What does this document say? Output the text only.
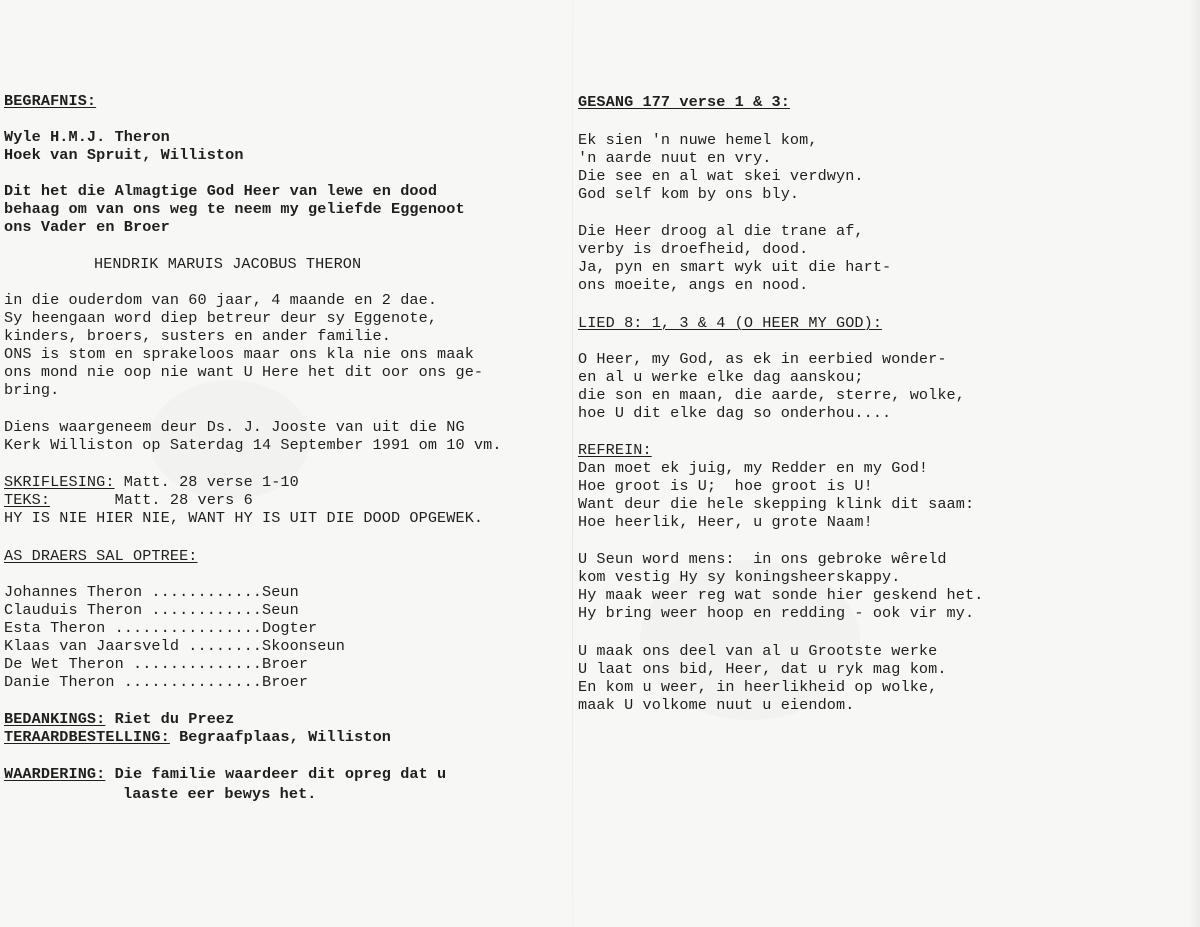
BEGRAFNIS:
Wyle H.M.J. Theron
Hoek van Spruit, Williston
Dit het die Almagtige God Heer van lewe en dood
behaag om van ons weg te neem my geliefde Eggenoot
ons Vader en Broer
HENDRIK MARUIS JACOBUS THERON
in die ouderdom van 60 jaar, 4 maande en 2 dae.
Sy heengaan word diep betreur deur sy Eggenote,
kinders, broers, susters en ander familie.
ONS is stom en sprakeloos maar ons kla nie ons maak
ons mond nie oop nie want U Here het dit oor ons ge-
bring.
Diens waargeneem deur Ds. J. Jooste van uit die NG
Kerk Williston op Saterdag 14 September 1991 om 10 vm.
SKRIFLESING: Matt. 28 verse 1-10
TEKS:       Matt. 28 vers 6
HY IS NIE HIER NIE, WANT HY IS UIT DIE DOOD OPGEWEK.
AS DRAERS SAL OPTREE:
Johannes Theron ............Seun
Clauduis Theron ............Seun
Esta Theron ................Dogter
Klaas van Jaarsveld ........Skoonseun
De Wet Theron ..............Broer
Danie Theron ...............Broer
BEDANKINGS: Riet du Preez
TERAARDBESTELLING: Begraafplaas, Williston
WAARDERING: Die familie waardeer dit opreg dat u
laaste eer bewys het.
GESANG 177 verse 1 & 3:
Ek sien 'n nuwe hemel kom,
'n aarde nuut en vry.
Die see en al wat skei verdwyn.
God self kom by ons bly.
Die Heer droog al die trane af,
verby is droefheid, dood.
Ja, pyn en smart wyk uit die hart-
ons moeite, angs en nood.
LIED 8: 1, 3 & 4 (O HEER MY GOD):
O Heer, my God, as ek in eerbied wonder-
en al u werke elke dag aanskou;
die son en maan, die aarde, sterre, wolke,
hoe U dit elke dag so onderhou....
REFREIN:
Dan moet ek juig, my Redder en my God!
Hoe groot is U;  hoe groot is U!
Want deur die hele skepping klink dit saam:
Hoe heerlik, Heer, u grote Naam!
U Seun word mens:  in ons gebroke wêreld
kom vestig Hy sy koningsheerskappy.
Hy maak weer reg wat sonde hier geskend het.
Hy bring weer hoop en redding - ook vir my.
U maak ons deel van al u Grootste werke
U laat ons bid, Heer, dat u ryk mag kom.
En kom u weer, in heerlikheid op wolke,
maak U volkome nuut u eiendom.
